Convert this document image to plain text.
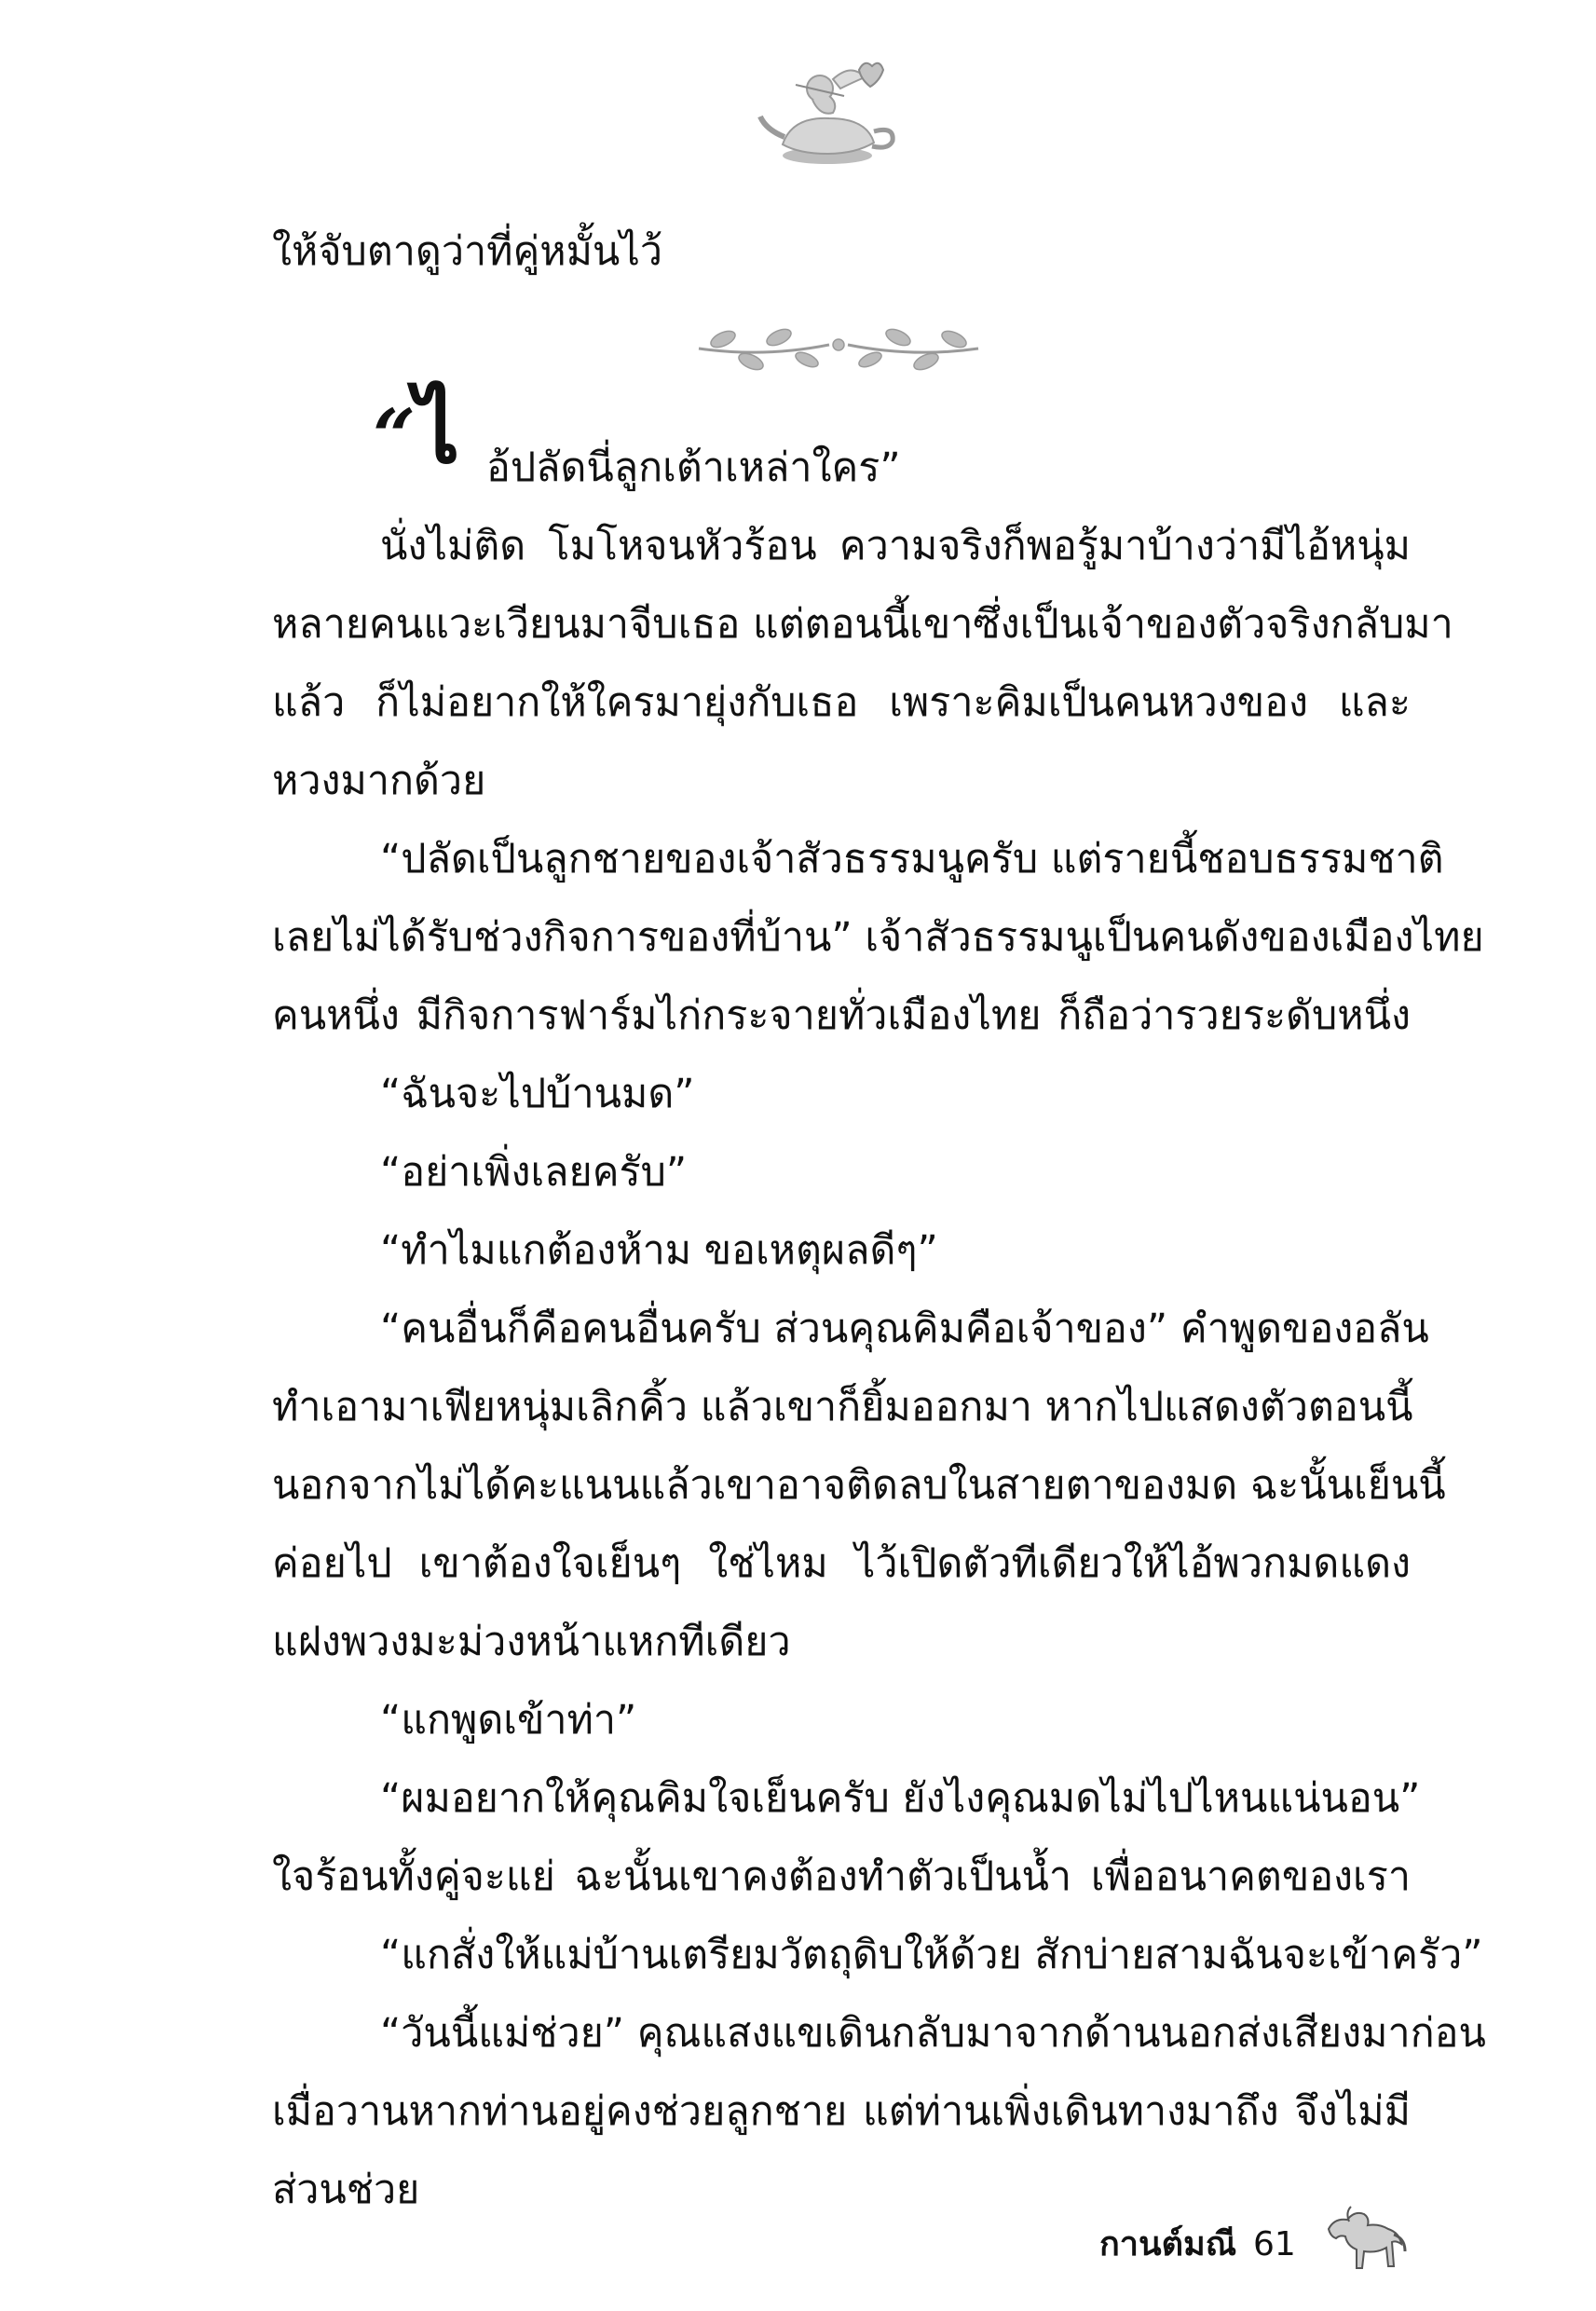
ให้จับตาดูว่าที่คู่หมั้นไว้
“
ไ อ้ปลัดนี่ลูกเต้าเหล่าใคร”
นั่งไม่ติด โมโหจนหัวร้อน ความจริงก็พอรู้มาบ้างว่ามีไอ้หนุ่ม
หลายคนแวะเวียนมาจีบเธอ แต่ตอนนี้เขาซึ่งเป็นเจ้าของตัวจริงกลับมา
แล้ว ก็ไม่อยากให้ใครมายุ่งกับเธอ เพราะคิมเป็นคนหวงของ และ
หวงมากด้วย
“ปลัดเป็นลูกชายของเจ้าสัวธรรมนูครับ แต่รายนี้ชอบธรรมชาติ
เลยไม่ได้รับช่วงกิจการของที่บ้าน” เจ้าสัวธรรมนูเป็นคนดังของเมืองไทย
คนหนึ่ง มีกิจการฟาร์มไก่กระจายทั่วเมืองไทย ก็ถือว่ารวยระดับหนึ่ง
“ฉันจะไปบ้านมด”
“อย่าเพิ่งเลยครับ”
“ทำไมแกต้องห้าม ขอเหตุผลดีๆ”
“คนอื่นก็คือคนอื่นครับ ส่วนคุณคิมคือเจ้าของ” คำพูดของอลัน
ทำเอามาเฟียหนุ่มเลิกคิ้ว แล้วเขาก็ยิ้มออกมา หากไปแสดงตัวตอนนี้
นอกจากไม่ได้คะแนนแล้วเขาอาจติดลบในสายตาของมด ฉะนั้นเย็นนี้
ค่อยไป เขาต้องใจเย็นๆ ใช่ไหม ไว้เปิดตัวทีเดียวให้ไอ้พวกมดแดง
แฝงพวงมะม่วงหน้าแหกทีเดียว
“แกพูดเข้าท่า”
“ผมอยากให้คุณคิมใจเย็นครับ ยังไงคุณมดไม่ไปไหนแน่นอน”
ใจร้อนทั้งคู่จะแย่ ฉะนั้นเขาคงต้องทำตัวเป็นน้ำ เพื่ออนาคตของเรา
“แกสั่งให้แม่บ้านเตรียมวัตถุดิบให้ด้วย สักบ่ายสามฉันจะเข้าครัว”
“วันนี้แม่ช่วย” คุณแสงแขเดินกลับมาจากด้านนอกส่งเสียงมาก่อน
เมื่อวานหากท่านอยู่คงช่วยลูกชาย แต่ท่านเพิ่งเดินทางมาถึง จึงไม่มี
ส่วนช่วย
กานต์มณี 61
